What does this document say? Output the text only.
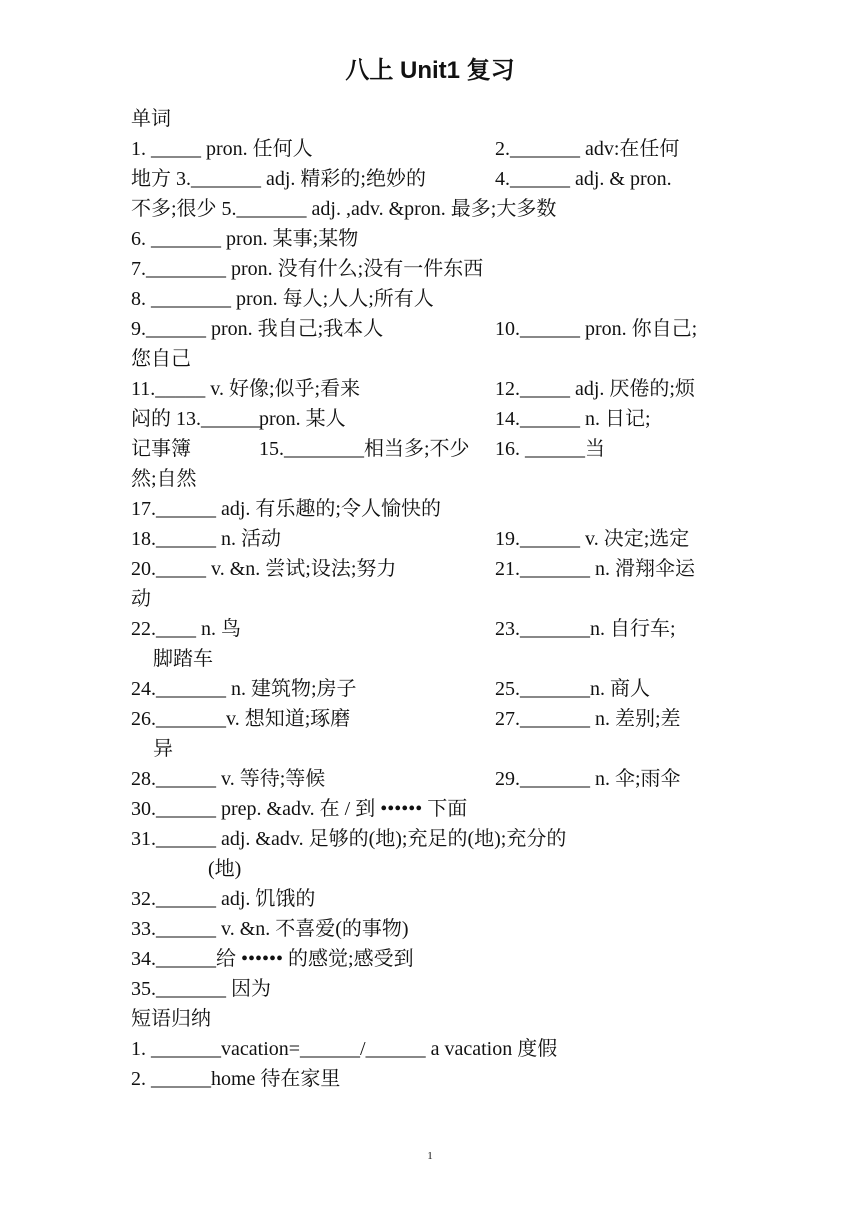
八上 Unit1 复习
单词
1. _____ pron. 任何人	2._______ adv:在任何
地方 3._______ adj. 精彩的;绝妙的	4.______ adj. & pron.
不多;很少 5._______ adj. ,adv. &pron. 最多;大多数
6. _______ pron. 某事;某物
7.________ pron. 没有什么;没有一件东西
8. ________ pron. 每人;人人;所有人
9.______ pron. 我自己;我本人	10.______ pron. 你自己;
您自己
11._____ v. 好像;似乎;看来	12._____ adj. 厌倦的;烦
闷的 13.______
pron. 某人	14.______ n. 日记;
记事簿	15.________相当多;不少 16. ______当
然;自然
17.______ adj. 有乐趣的;令人愉快的
18.______ n. 活动	19.______ v. 决定;选定
20._____ v. &n. 尝试;设法;努力	21._______ n. 滑翔伞运
动
22.____ n. 鸟	23._______n. 自行车;
脚踏车
24._______ n. 建筑物;房子	25._______n. 商人
26._______v. 想知道;琢磨	27._______ n. 差别;差
异
28.______ v. 等待;等候	29._______ n. 伞;雨伞
30.______ prep. &adv. 在 / 到 •••••• 下面
31.______ adj. &adv. 足够的(地);充足的(地);充分的
(地)
32.______ adj. 饥饿的
33.______ v. &n. 不喜爱(的事物)
34.______给 •••••• 的感觉;感受到
35._______ 因为
短语归纳
1. _______vacation=______/______ a vacation 度假
2. ______home 待在家里
1
